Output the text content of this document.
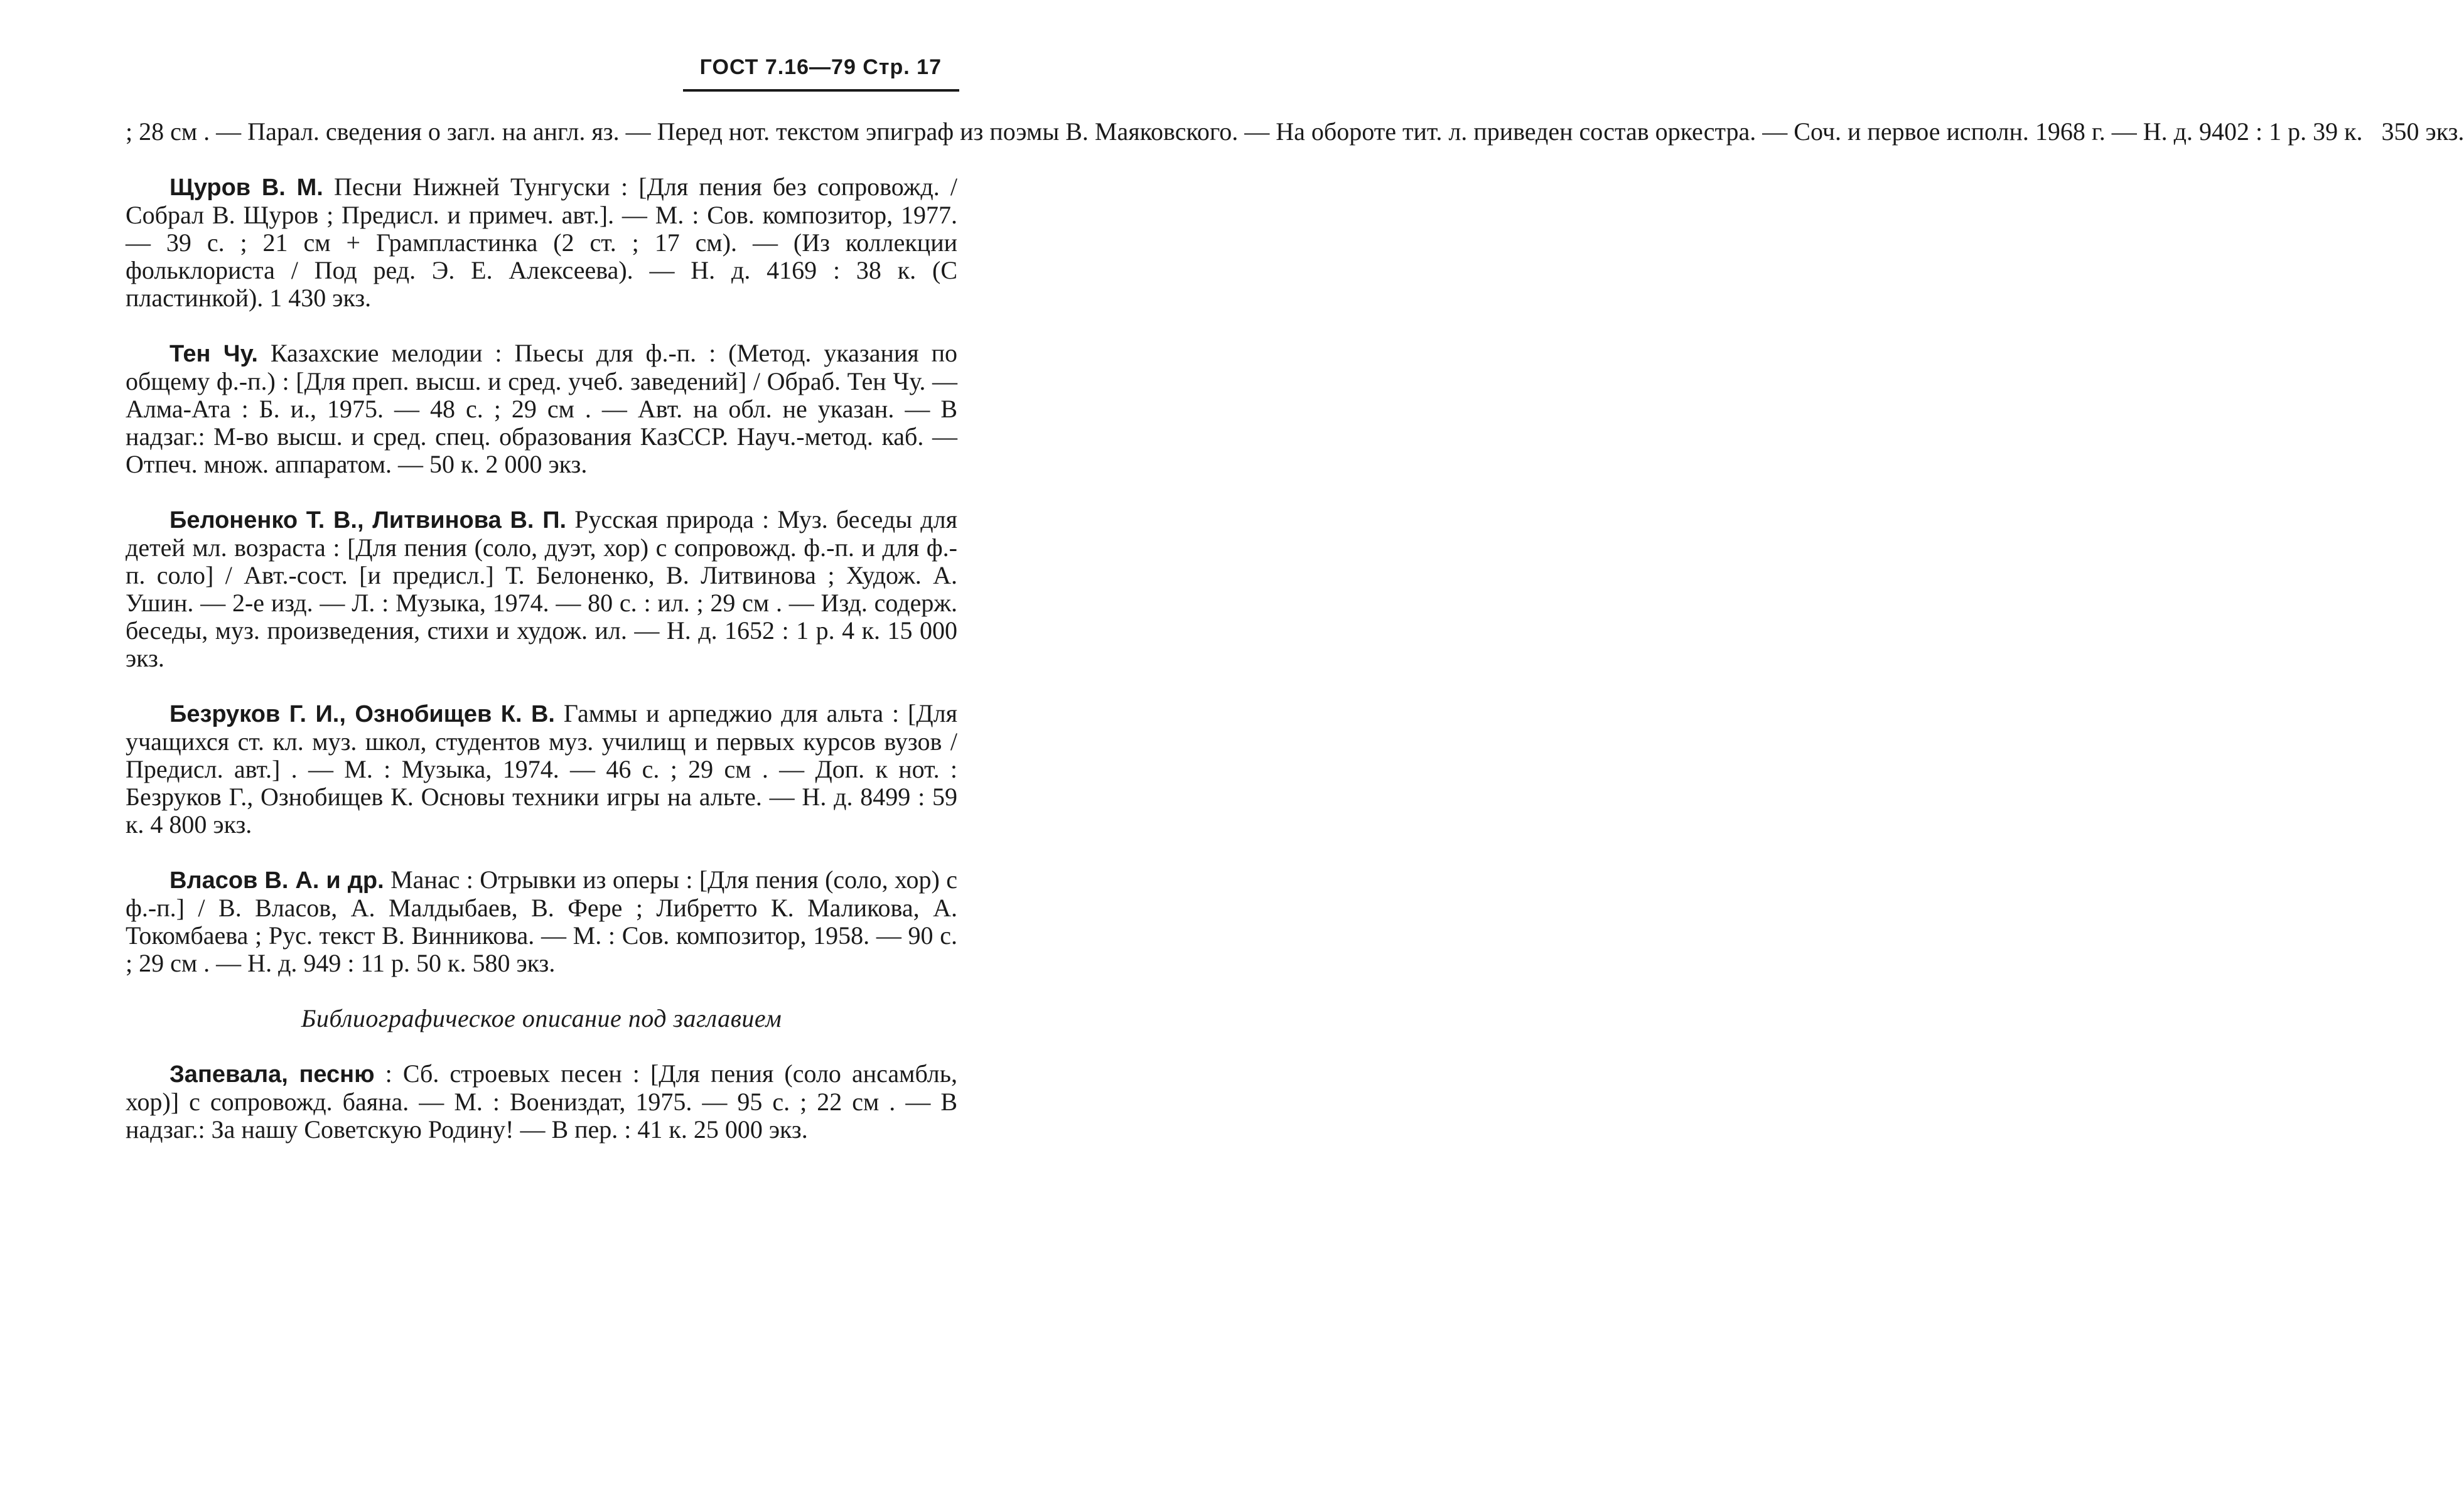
ГОСТ 7.16—79 Стр. 17

; 28 см . — Парал. сведения о загл. на англ. яз. — Перед нот. текстом эпиграф из поэмы В. Маяковского. — На обороте тит. л. приведен состав оркестра. — Соч. и первое исполн. 1968 г. — Н. д. 9402 : 1 р. 39 к.   350 экз.

Щуров В. М. Песни Нижней Тунгуски : [Для пения без сопровожд. / Собрал В. Щуров ; Предисл. и примеч. авт.]. — М. : Сов. композитор, 1977. — 39 с. ; 21 см + Грампластинка (2 ст. ; 17 см). — (Из коллекции фольклориста / Под ред. Э. Е. Алексеева). — Н. д. 4169 : 38 к. (С пластинкой). 1 430 экз.

Тен Чу. Казахские мелодии : Пьесы для ф.-п. : (Метод. указания по общему ф.-п.) : [Для преп. высш. и сред. учеб. заведений] / Обраб. Тен Чу. — Алма-Ата : Б. и., 1975. — 48 с. ; 29 см . — Авт. на обл. не указан. — В надзаг.: М-во высш. и сред. спец. образования КазССР. Науч.-метод. каб. — Отпеч. множ. аппаратом. — 50 к. 2 000 экз.

Белоненко Т. В., Литвинова В. П. Русская природа : Муз. беседы для детей мл. возраста : [Для пения (соло, дуэт, хор) с сопровожд. ф.-п. и для ф.-п. соло] / Авт.-сост. [и предисл.] Т. Белоненко, В. Литвинова ; Худож. А. Ушин. — 2-е изд. — Л. : Музыка, 1974. — 80 с. : ил. ; 29 см . — Изд. содерж. беседы, муз. произведения, стихи и худож. ил. — Н. д. 1652 : 1 р. 4 к. 15 000 экз.

Безруков Г. И., Ознобищев К. В. Гаммы и арпеджио для альта : [Для учащихся ст. кл. муз. школ, студентов муз. училищ и первых курсов вузов / Предисл. авт.] . — М. : Музыка, 1974. — 46 с. ; 29 см . — Доп. к нот. : Безруков Г., Ознобищев К. Основы техники игры на альте. — Н. д. 8499 : 59 к. 4 800 экз.

Власов В. А. и др. Манас : Отрывки из оперы : [Для пения (соло, хор) с ф.-п.] / В. Власов, А. Малдыбаев, В. Фере ; Либретто К. Маликова, А. Токомбаева ; Рус. текст В. Винникова. — М. : Сов. композитор, 1958. — 90 с. ; 29 см . — Н. д. 949 : 11 р. 50 к. 580 экз.

Библиографическое описание под заглавием

Запевала, песню : Сб. строевых песен : [Для пения (соло ансамбль, хор)] с сопровожд. баяна. — М. : Воениздат, 1975. — 95 с. ; 22 см . — В надзаг.: За нашу Советскую Родину! — В пер. : 41 к. 25 000 экз.
